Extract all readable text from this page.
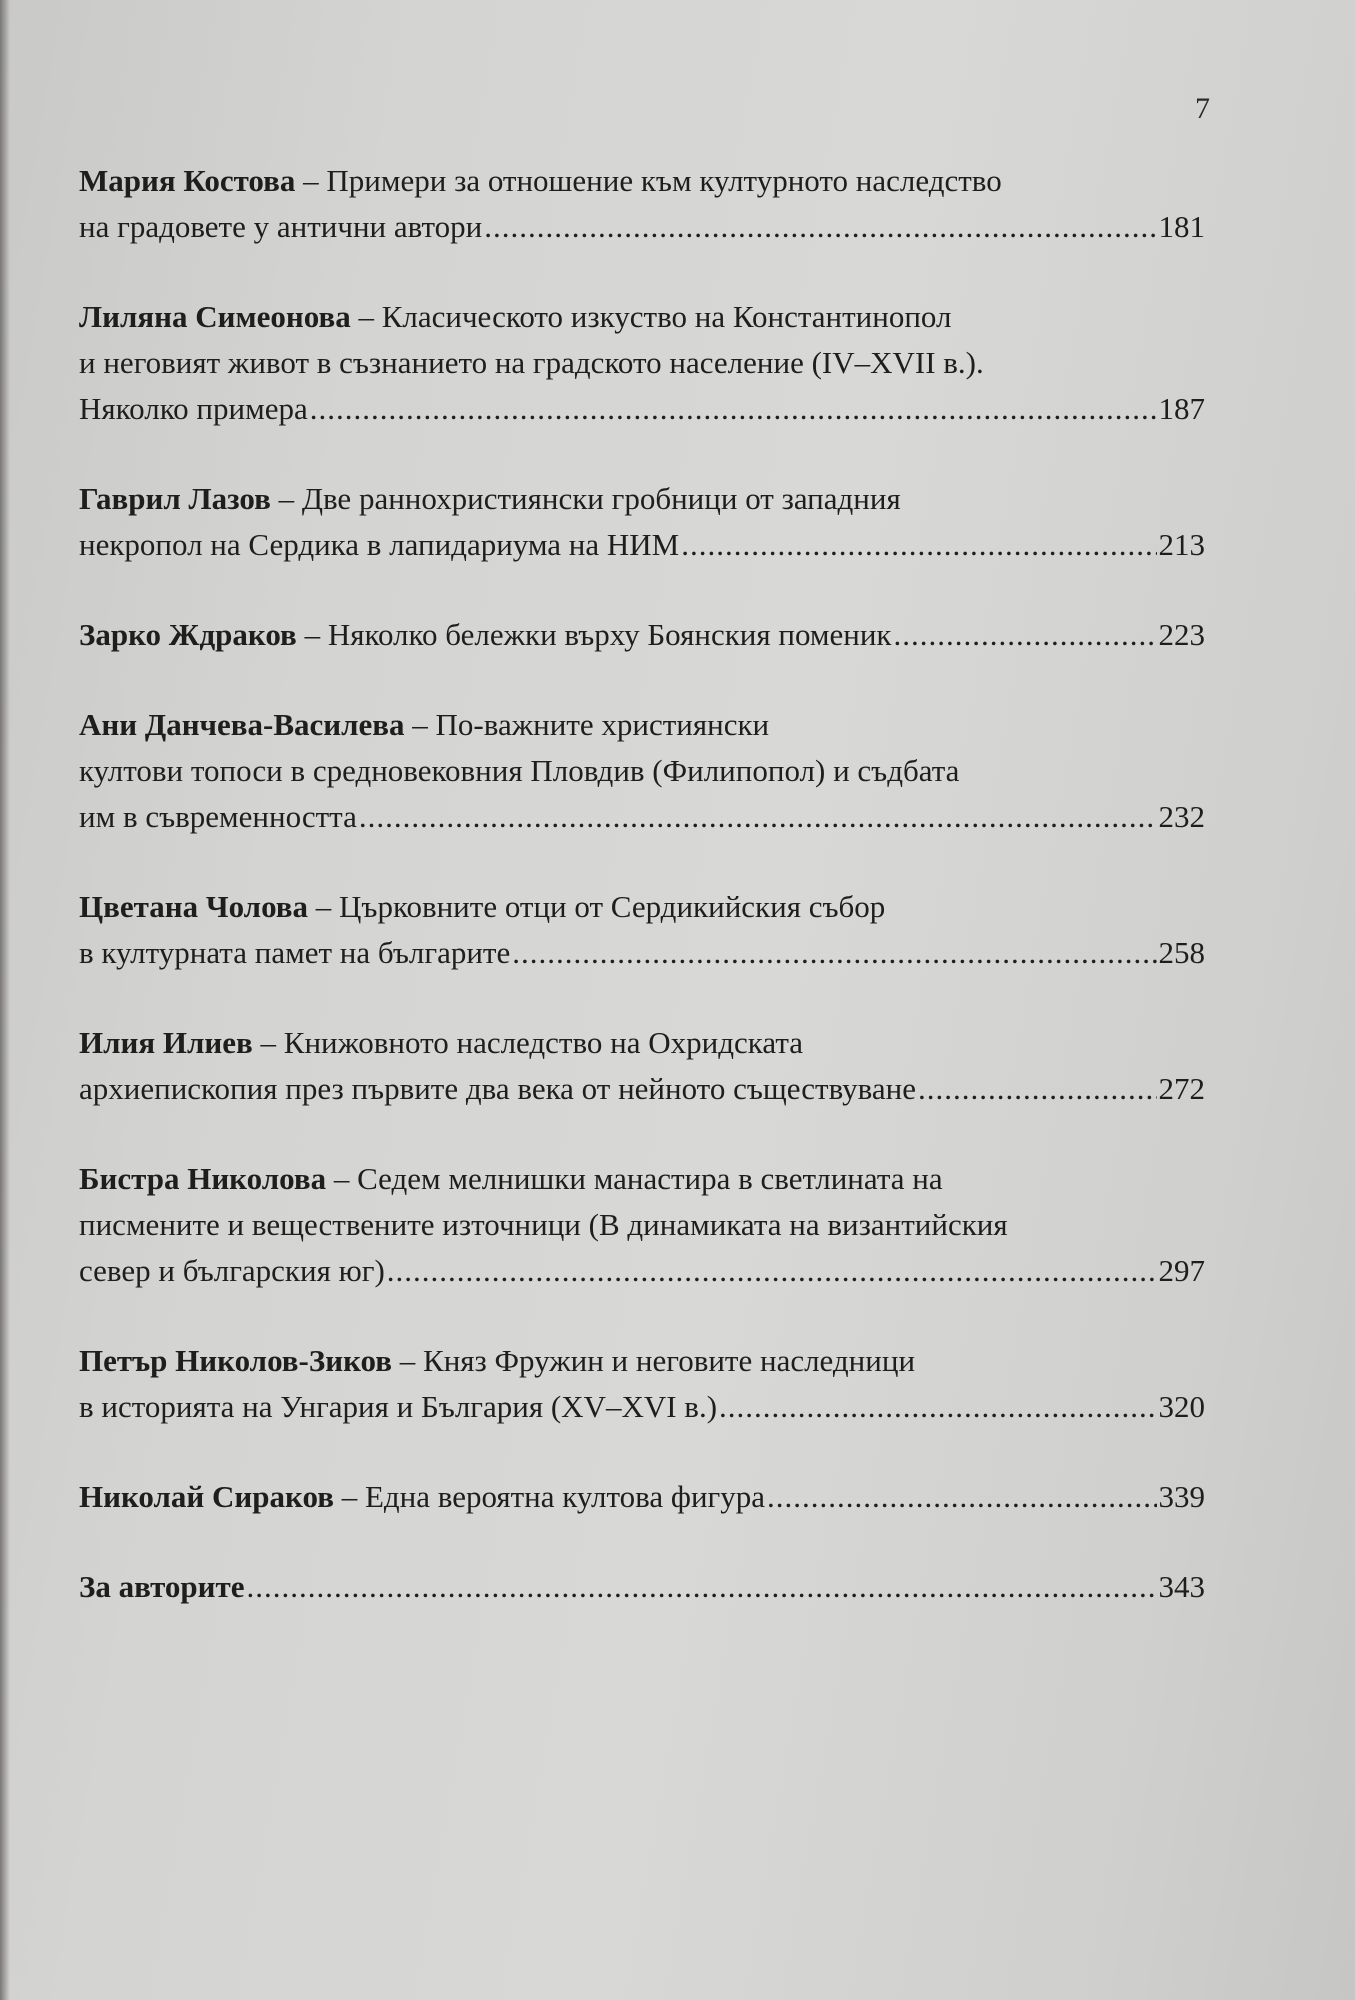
7
Мария Костова – Примери за отношение към културното наследство
на градовете у антични автори .....	181
Лиляна Симеонова – Класическото изкуство на Константинопол
и неговият живот в съзнанието на градското население (IV–XVII в.).
Няколко примера .....	187
Гаврил Лазов – Две раннохристиянски гробници от западния
некропол на Сердика в лапидариума на НИМ .....	213
Зарко Ждраков – Няколко бележки върху Боянския поменик .....	223
Ани Данчева-Василева – По-важните християнски
култови топоси в средновековния Пловдив (Филипопол) и съдбата
им в съвременността .....	232
Цветана Чолова – Църковните отци от Сердикийския събор
в културната памет на българите .....	258
Илия Илиев – Книжовното наследство на Охридската
архиепископия през първите два века от нейното съществуване .....	272
Бистра Николова – Седем мелнишки манастира в светлината на
писмените и веществените източници (В динамиката на византийския
север и българския юг) .....	297
Петър Николов-Зиков – Княз Фружин и неговите наследници
в историята на Унгария и България (XV–XVI в.) .....	320
Николай Сираков – Една вероятна култова фигура .....	339
За авторите .....	343
